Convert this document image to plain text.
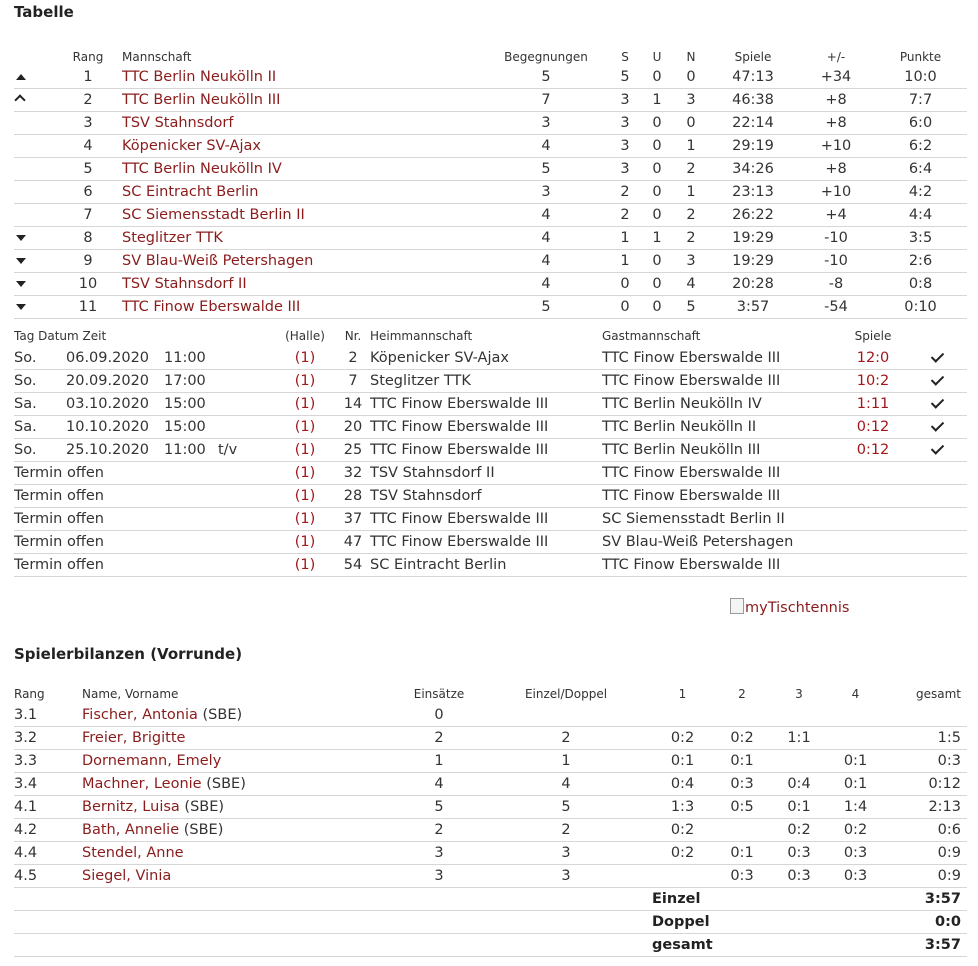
Tabelle
	Rang	Mannschaft	Begegnungen	S	U	N	Spiele	+/-	Punkte
	1	TTC Berlin Neukölln II	5	5	0	0	47:13	+34	10:0
	2	TTC Berlin Neukölln III	7	3	1	3	46:38	+8	7:7
	3	TSV Stahnsdorf	3	3	0	0	22:14	+8	6:0
	4	Köpenicker SV-Ajax	4	3	0	1	29:19	+10	6:2
	5	TTC Berlin Neukölln IV	5	3	0	2	34:26	+8	6:4
	6	SC Eintracht Berlin	3	2	0	1	23:13	+10	4:2
	7	SC Siemensstadt Berlin II	4	2	0	2	26:22	+4	4:4
	8	Steglitzer TTK	4	1	1	2	19:29	-10	3:5
	9	SV Blau-Weiß Petershagen	4	1	0	3	19:29	-10	2:6
	10	TSV Stahnsdorf II	4	0	0	4	20:28	-8	0:8
	11	TTC Finow Eberswalde III	5	0	0	5	3:57	-54	0:10
Tag Datum Zeit	(Halle)	Nr.	Heimmannschaft	Gastmannschaft	Spiele	
So. 06.09.2020 11:00	(1)	2	Köpenicker SV-Ajax	TTC Finow Eberswalde III	12:0	
So. 20.09.2020 17:00	(1)	7	Steglitzer TTK	TTC Finow Eberswalde III	10:2	
Sa. 03.10.2020 15:00	(1)	14	TTC Finow Eberswalde III	TTC Berlin Neukölln IV	1:11	
Sa. 10.10.2020 15:00	(1)	20	TTC Finow Eberswalde III	TTC Berlin Neukölln II	0:12	
So. 25.10.2020 11:00 t/v	(1)	25	TTC Finow Eberswalde III	TTC Berlin Neukölln III	0:12	
Termin offen	(1)	32	TSV Stahnsdorf II	TTC Finow Eberswalde III		
Termin offen	(1)	28	TSV Stahnsdorf	TTC Finow Eberswalde III		
Termin offen	(1)	37	TTC Finow Eberswalde III	SC Siemensstadt Berlin II		
Termin offen	(1)	47	TTC Finow Eberswalde III	SV Blau-Weiß Petershagen		
Termin offen	(1)	54	SC Eintracht Berlin	TTC Finow Eberswalde III		
myTischtennis
Spielerbilanzen (Vorrunde)
Rang	Name, Vorname	Einsätze	Einzel/Doppel	1	2	3	4	gesamt
3.1	Fischer, Antonia (SBE)	0						
3.2	Freier, Brigitte	2	2	0:2	0:2	1:1		1:5
3.3	Dornemann, Emely	1	1	0:1	0:1		0:1	0:3
3.4	Machner, Leonie (SBE)	4	4	0:4	0:3	0:4	0:1	0:12
4.1	Bernitz, Luisa (SBE)	5	5	1:3	0:5	0:1	1:4	2:13
4.2	Bath, Annelie (SBE)	2	2	0:2		0:2	0:2	0:6
4.4	Stendel, Anne	3	3	0:2	0:1	0:3	0:3	0:9
4.5	Siegel, Vinia	3	3		0:3	0:3	0:3	0:9
				Einzel				3:57
				Doppel				0:0
				gesamt				3:57
